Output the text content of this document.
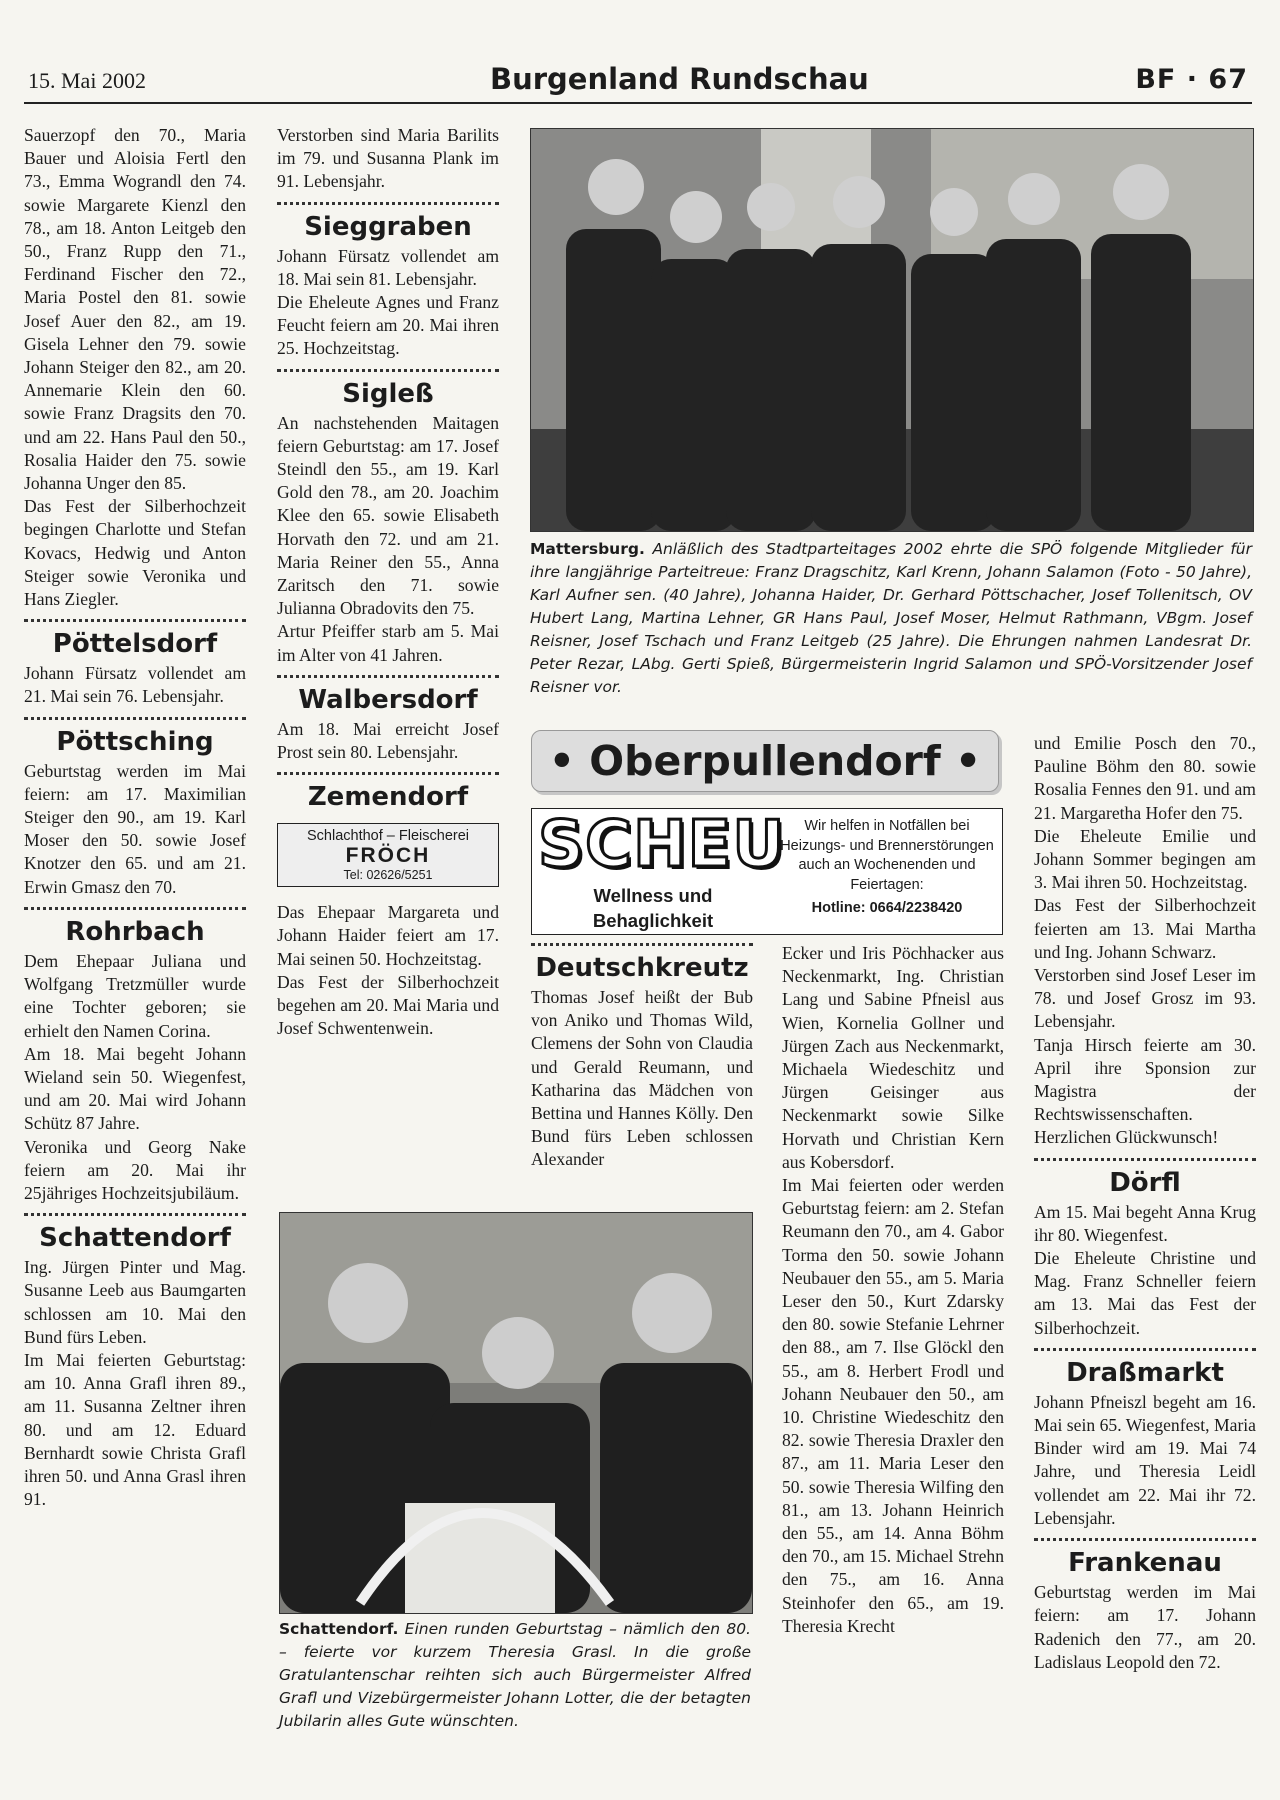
15. Mai 2002	Burgenland Rundschau	BF · 67

Sauerzopf den 70., Maria Bauer und Aloisia Fertl den 73., Emma Wograndl den 74. sowie Margarete Kienzl den 78., am 18. Anton Leitgeb den 50., Franz Rupp den 71., Ferdinand Fischer den 72., Maria Postel den 81. sowie Josef Auer den 82., am 19. Gisela Lehner den 79. sowie Johann Steiger den 82., am 20. Annemarie Klein den 60. sowie Franz Dragsits den 70. und am 22. Hans Paul den 50., Rosalia Haider den 75. sowie Johanna Unger den 85.

Das Fest der Silberhochzeit begingen Charlotte und Stefan Kovacs, Hedwig und Anton Steiger sowie Veronika und Hans Ziegler.

Pöttelsdorf

Johann Fürsatz vollendet am 21. Mai sein 76. Lebensjahr.

Pöttsching

Geburtstag werden im Mai feiern: am 17. Maximilian Steiger den 90., am 19. Karl Moser den 50. sowie Josef Knotzer den 65. und am 21. Erwin Gmasz den 70.

Rohrbach

Dem Ehepaar Juliana und Wolfgang Tretzmüller wurde eine Tochter geboren; sie erhielt den Namen Corina.

Am 18. Mai begeht Johann Wieland sein 50. Wiegenfest, und am 20. Mai wird Johann Schütz 87 Jahre.

Veronika und Georg Nake feiern am 20. Mai ihr 25jähriges Hochzeitsjubiläum.

Schattendorf

Ing. Jürgen Pinter und Mag. Susanne Leeb aus Baumgarten schlossen am 10. Mai den Bund fürs Leben.

Im Mai feierten Geburtstag: am 10. Anna Grafl ihren 89., am 11. Susanna Zeltner ihren 80. und am 12. Eduard Bernhardt sowie Christa Grafl ihren 50. und Anna Grasl ihren 91.

Verstorben sind Maria Barilits im 79. und Susanna Plank im 91. Lebensjahr.

Sieggraben

Johann Fürsatz vollendet am 18. Mai sein 81. Lebensjahr.

Die Eheleute Agnes und Franz Feucht feiern am 20. Mai ihren 25. Hochzeitstag.

Sigleß

An nachstehenden Maitagen feiern Geburtstag: am 17. Josef Steindl den 55., am 19. Karl Gold den 78., am 20. Joachim Klee den 65. sowie Elisabeth Horvath den 72. und am 21. Maria Reiner den 55., Anna Zaritsch den 71. sowie Julianna Obradovits den 75.

Artur Pfeiffer starb am 5. Mai im Alter von 41 Jahren.

Walbersdorf

Am 18. Mai erreicht Josef Prost sein 80. Lebensjahr.

Zemendorf
Schlachthof – Fleischerei
FRÖCH
Tel: 02626/5251

Das Ehepaar Margareta und Johann Haider feiert am 17. Mai seinen 50. Hochzeitstag.

Das Fest der Silberhochzeit begehen am 20. Mai Maria und Josef Schwentenwein.

Mattersburg. Anläßlich des Stadtparteitages 2002 ehrte die SPÖ folgende Mitglieder für ihre langjährige Parteitreue: Franz Dragschitz, Karl Krenn, Johann Salamon (Foto - 50 Jahre), Karl Aufner sen. (40 Jahre), Johanna Haider, Dr. Gerhard Pöttschacher, Josef Tollenitsch, OV Hubert Lang, Martina Lehner, GR Hans Paul, Josef Moser, Helmut Rathmann, VBgm. Josef Reisner, Josef Tschach und Franz Leitgeb (25 Jahre). Die Ehrungen nahmen Landesrat Dr. Peter Rezar, LAbg. Gerti Spieß, Bürgermeisterin Ingrid Salamon und SPÖ-Vorsitzender Josef Reisner vor.

• Oberpullendorf •
SCHEU
Wellness und
Behaglichkeit
Wir helfen in Notfällen bei Heizungs- und Brennerstörungen auch an Wochenenden und Feiertagen:
Hotline: 0664/2238420
Deutschkreutz

Thomas Josef heißt der Bub von Aniko und Thomas Wild, Clemens der Sohn von Claudia und Gerald Reumann, und Katharina das Mädchen von Bettina und Hannes Kölly. Den Bund fürs Leben schlossen Alexander

Ecker und Iris Pöchhacker aus Neckenmarkt, Ing. Christian Lang und Sabine Pfneisl aus Wien, Kornelia Gollner und Jürgen Zach aus Neckenmarkt, Michaela Wiedeschitz und Jürgen Geisinger aus Neckenmarkt sowie Silke Horvath und Christian Kern aus Kobersdorf.

Im Mai feierten oder werden Geburtstag feiern: am 2. Stefan Reumann den 70., am 4. Gabor Torma den 50. sowie Johann Neubauer den 55., am 5. Maria Leser den 50., Kurt Zdarsky den 80. sowie Stefanie Lehrner den 88., am 7. Ilse Glöckl den 55., am 8. Herbert Frodl und Johann Neubauer den 50., am 10. Christine Wiedeschitz den 82. sowie Theresia Draxler den 87., am 11. Maria Leser den 50. sowie Theresia Wilfing den 81., am 13. Johann Heinrich den 55., am 14. Anna Böhm den 70., am 15. Michael Strehn den 75., am 16. Anna Steinhofer den 65., am 19. Theresia Krecht

und Emilie Posch den 70., Pauline Böhm den 80. sowie Rosalia Fennes den 91. und am 21. Margaretha Hofer den 75.

Die Eheleute Emilie und Johann Sommer begingen am 3. Mai ihren 50. Hochzeitstag.

Das Fest der Silberhochzeit feierten am 13. Mai Martha und Ing. Johann Schwarz.

Verstorben sind Josef Leser im 78. und Josef Grosz im 93. Lebensjahr.

Tanja Hirsch feierte am 30. April ihre Sponsion zur Magistra der Rechtswissenschaften. Herzlichen Glückwunsch!

Dörfl

Am 15. Mai begeht Anna Krug ihr 80. Wiegenfest.

Die Eheleute Christine und Mag. Franz Schneller feiern am 13. Mai das Fest der Silberhochzeit.

Draßmarkt

Johann Pfneiszl begeht am 16. Mai sein 65. Wiegenfest, Maria Binder wird am 19. Mai 74 Jahre, und Theresia Leidl vollendet am 22. Mai ihr 72. Lebensjahr.

Frankenau

Geburtstag werden im Mai feiern: am 17. Johann Radenich den 77., am 20. Ladislaus Leopold den 72.

Schattendorf. Einen runden Geburtstag – nämlich den 80. – feierte vor kurzem Theresia Grasl. In die große Gratulantenschar reihten sich auch Bürgermeister Alfred Grafl und Vizebürgermeister Johann Lotter, die der betagten Jubilarin alles Gute wünschten.
